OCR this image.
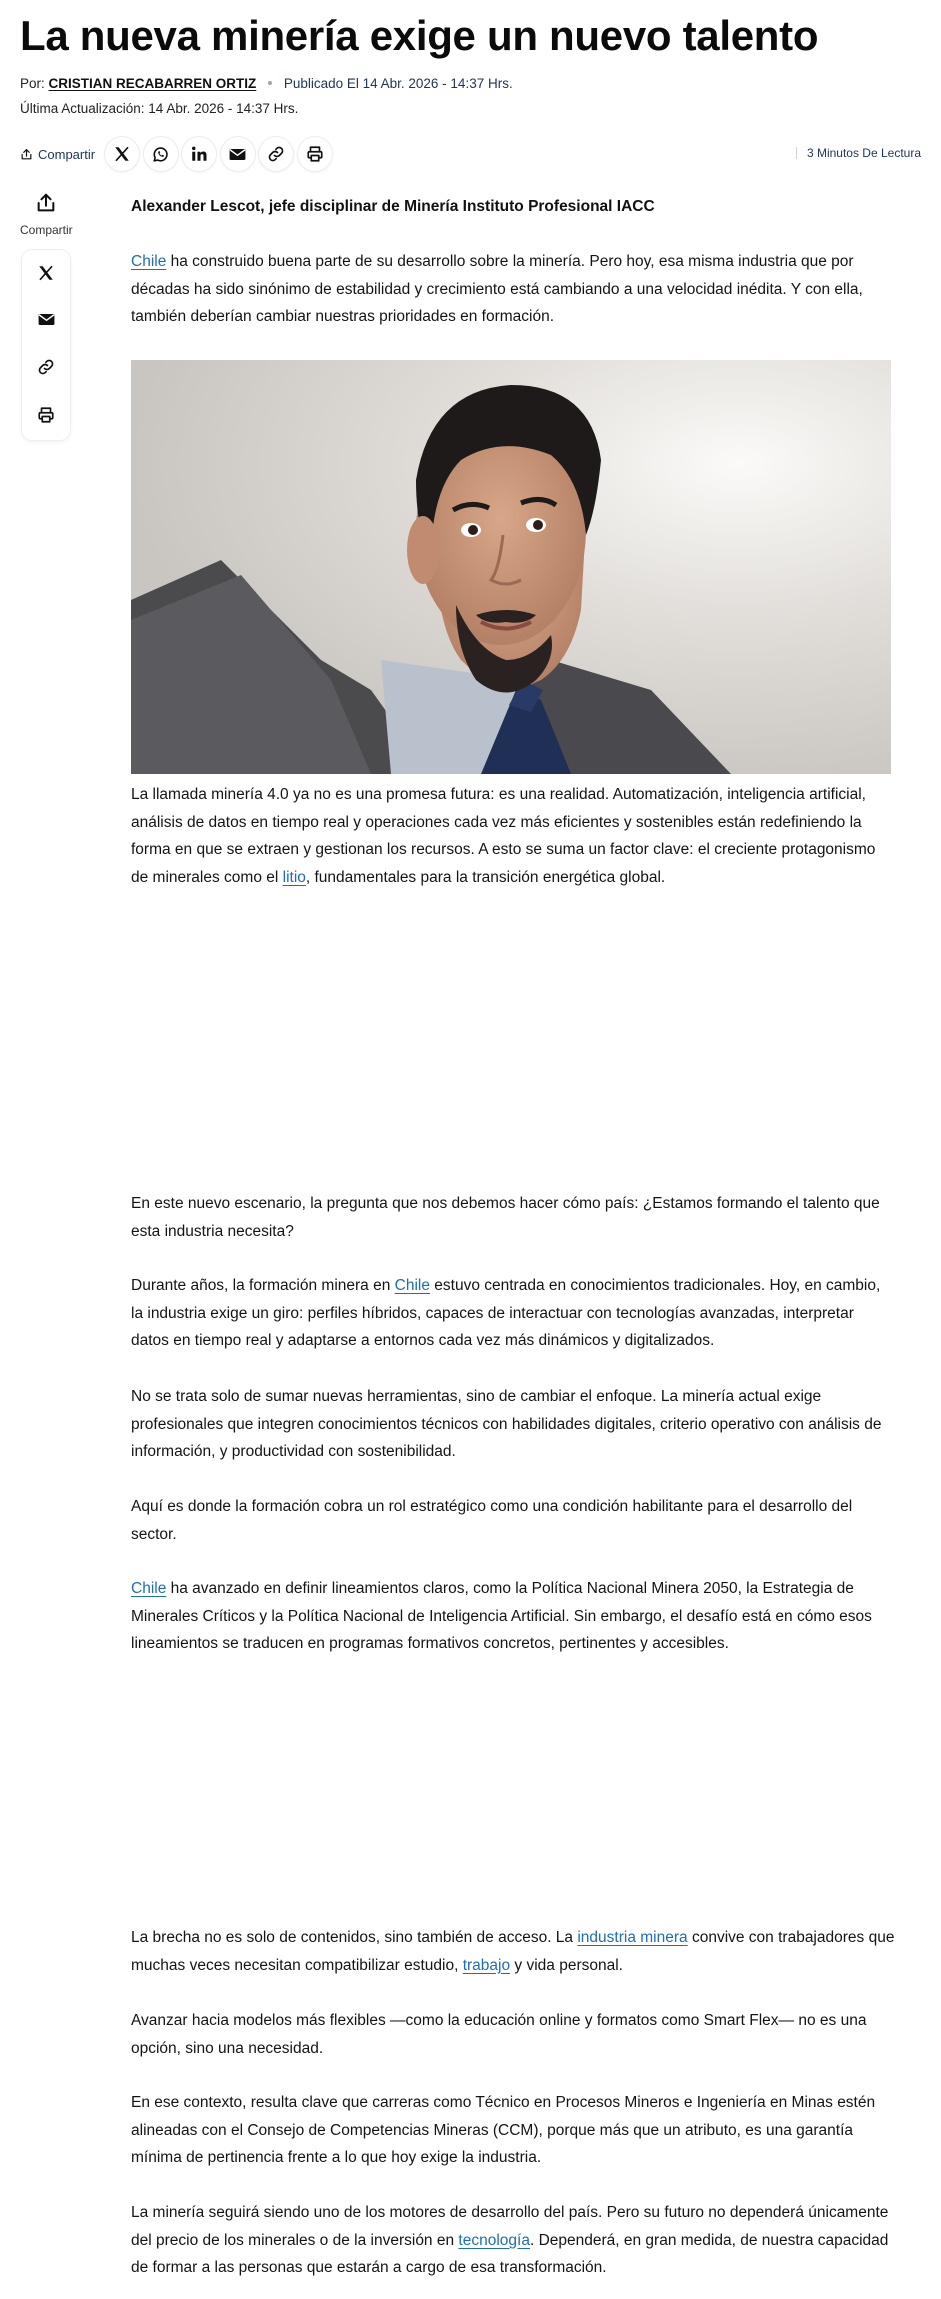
La nueva minería exige un nuevo talento
Por: CRISTIAN RECABARREN ORTIZ Publicado El 14 Abr. 2026 - 14:37 Hrs.
Última Actualización: 14 Abr. 2026 - 14:37 Hrs.
Compartir	3 Minutos De Lectura
Compartir

Alexander Lescot, jefe disciplinar de Minería Instituto Profesional IACC

Chile ha construido buena parte de su desarrollo sobre la minería. Pero hoy, esa misma industria que por décadas ha sido sinónimo de estabilidad y crecimiento está cambiando a una velocidad inédita. Y con ella, también deberían cambiar nuestras prioridades en formación.

La llamada minería 4.0 ya no es una promesa futura: es una realidad. Automatización, inteligencia artificial, análisis de datos en tiempo real y operaciones cada vez más eficientes y sostenibles están redefiniendo la forma en que se extraen y gestionan los recursos. A esto se suma un factor clave: el creciente protagonismo de minerales como el litio, fundamentales para la transición energética global.

En este nuevo escenario, la pregunta que nos debemos hacer cómo país: ¿Estamos formando el talento que esta industria necesita?

Durante años, la formación minera en Chile estuvo centrada en conocimientos tradicionales. Hoy, en cambio, la industria exige un giro: perfiles híbridos, capaces de interactuar con tecnologías avanzadas, interpretar datos en tiempo real y adaptarse a entornos cada vez más dinámicos y digitalizados.

No se trata solo de sumar nuevas herramientas, sino de cambiar el enfoque. La minería actual exige profesionales que integren conocimientos técnicos con habilidades digitales, criterio operativo con análisis de información, y productividad con sostenibilidad.

Aquí es donde la formación cobra un rol estratégico como una condición habilitante para el desarrollo del sector.

Chile ha avanzado en definir lineamientos claros, como la Política Nacional Minera 2050, la Estrategia de Minerales Críticos y la Política Nacional de Inteligencia Artificial. Sin embargo, el desafío está en cómo esos lineamientos se traducen en programas formativos concretos, pertinentes y accesibles.

La brecha no es solo de contenidos, sino también de acceso. La industria minera convive con trabajadores que muchas veces necesitan compatibilizar estudio, trabajo y vida personal.

Avanzar hacia modelos más flexibles —como la educación online y formatos como Smart Flex— no es una opción, sino una necesidad.

En ese contexto, resulta clave que carreras como Técnico en Procesos Mineros e Ingeniería en Minas estén alineadas con el Consejo de Competencias Mineras (CCM), porque más que un atributo, es una garantía mínima de pertinencia frente a lo que hoy exige la industria.

La minería seguirá siendo uno de los motores de desarrollo del país. Pero su futuro no dependerá únicamente del precio de los minerales o de la inversión en tecnología. Dependerá, en gran medida, de nuestra capacidad de formar a las personas que estarán a cargo de esa transformación.
